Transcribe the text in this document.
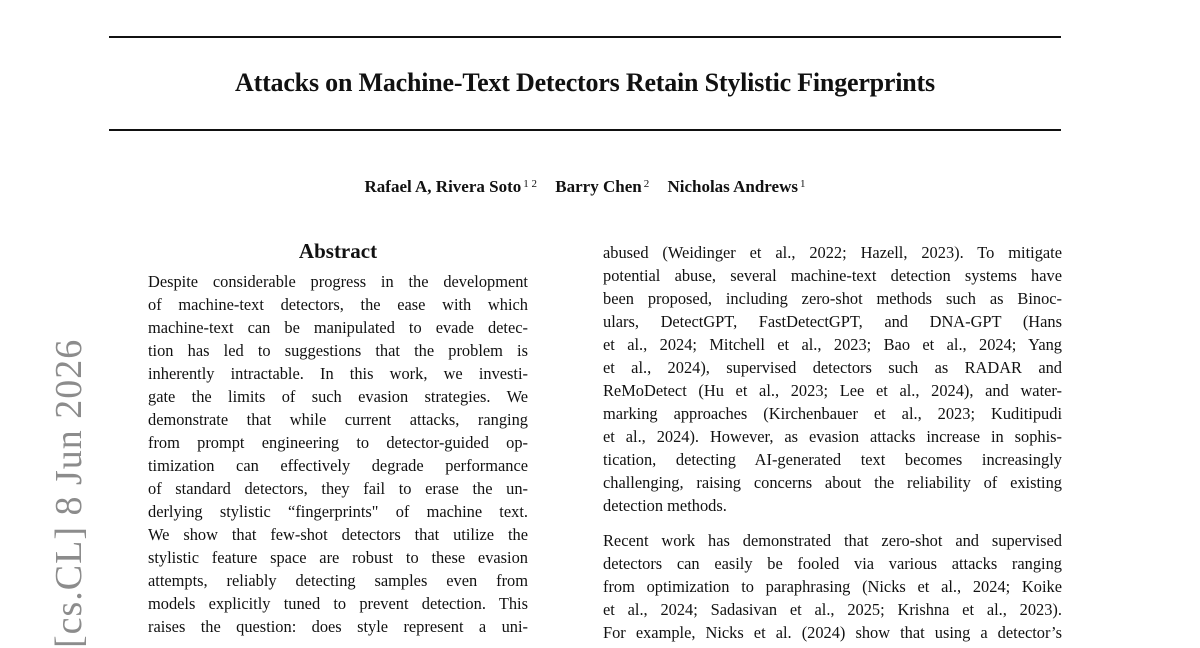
Attacks on Machine-Text Detectors Retain Stylistic Fingerprints
Rafael A, Rivera Soto $^{1 2}$ Barry Chen $^2$ Nicholas Andrews $^1$
[cs.CL] 8 Jun 2026
Abstract
Despite considerable progress in the development
of machine-text detectors, the ease with which
machine-text can be manipulated to evade detec-
tion has led to suggestions that the problem is
inherently intractable. In this work, we investi-
gate the limits of such evasion strategies. We
demonstrate that while current attacks, ranging
from prompt engineering to detector-guided op-
timization can effectively degrade performance
of standard detectors, they fail to erase the un-
derlying stylistic “fingerprints" of machine text.
We show that few-shot detectors that utilize the
stylistic feature space are robust to these evasion
attempts, reliably detecting samples even from
models explicitly tuned to prevent detection. This
raises the question: does style represent a uni-
abused (Weidinger et al., 2022; Hazell, 2023). To mitigate
potential abuse, several machine-text detection systems have
been proposed, including zero-shot methods such as Binoc-
ulars, DetectGPT, FastDetectGPT, and DNA-GPT (Hans
et al., 2024; Mitchell et al., 2023; Bao et al., 2024; Yang
et al., 2024), supervised detectors such as RADAR and
ReMoDetect (Hu et al., 2023; Lee et al., 2024), and water-
marking approaches (Kirchenbauer et al., 2023; Kuditipudi
et al., 2024). However, as evasion attacks increase in sophis-
tication, detecting AI-generated text becomes increasingly
challenging, raising concerns about the reliability of existing
detection methods.
Recent work has demonstrated that zero-shot and supervised
detectors can easily be fooled via various attacks ranging
from optimization to paraphrasing (Nicks et al., 2024; Koike
et al., 2024; Sadasivan et al., 2025; Krishna et al., 2023).
For example, Nicks et al. (2024) show that using a detector’s
